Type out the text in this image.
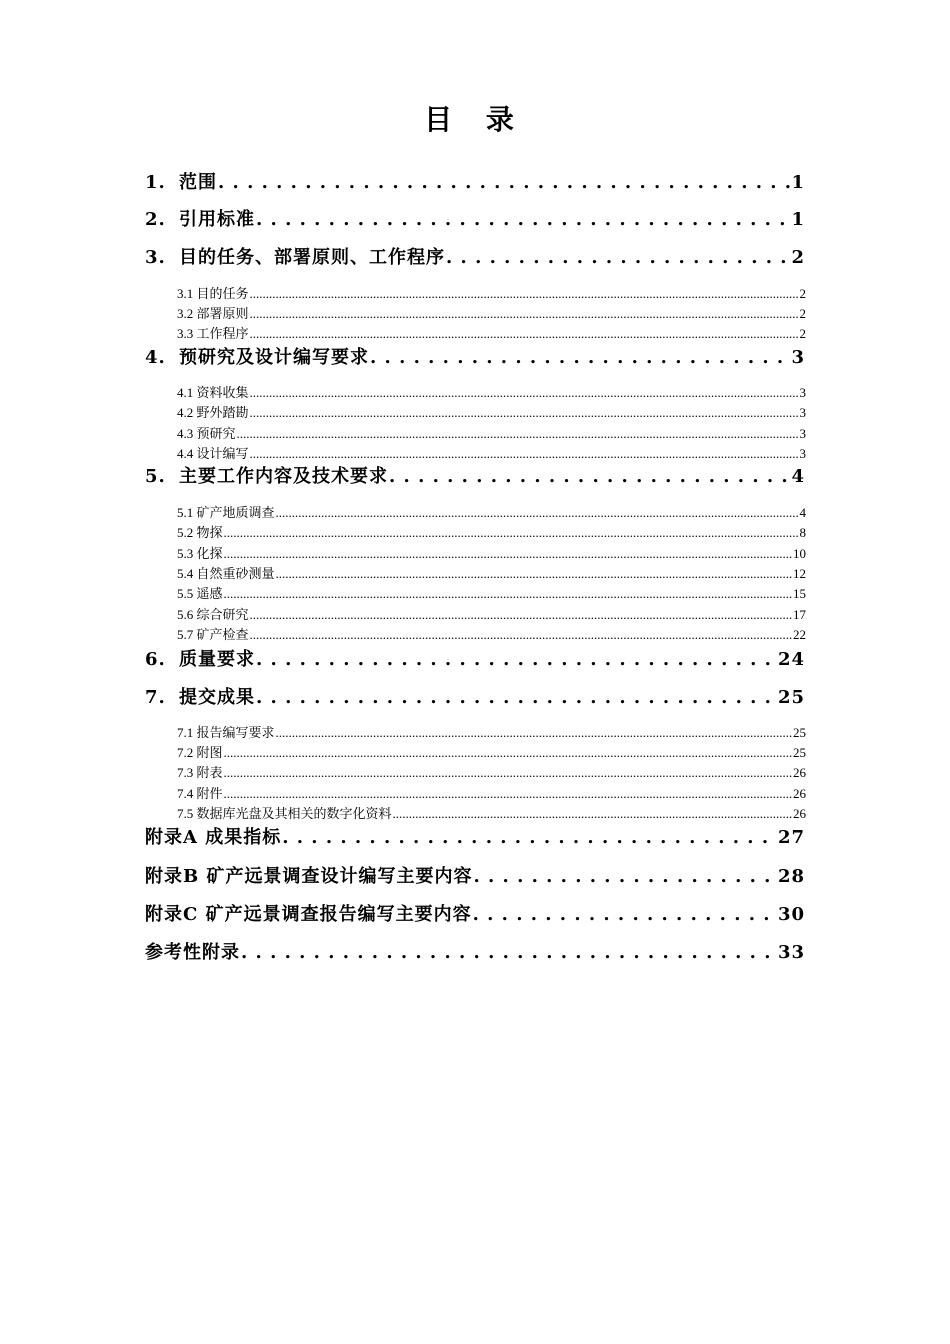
目 录
1. 范围 . . .	1
2. 引用标准 . . .	1
3. 目的任务、部署原则、工作程序 . . .	2
3.1 目的任务 .....	2
3.2 部署原则 .....	2
3.3 工作程序 .....	2
4. 预研究及设计编写要求 . . .	3
4.1 资料收集 .....	3
4.2 野外踏勘 .....	3
4.3 预研究 .....	3
4.4 设计编写 .....	3
5. 主要工作内容及技术要求 . . .	4
5.1 矿产地质调查 .....	4
5.2 物探 .....	8
5.3 化探 .....	10
5.4 自然重砂测量 .....	12
5.5 遥感 .....	15
5.6 综合研究 .....	17
5.7 矿产检查 .....	22
6. 质量要求 . . .	24
7. 提交成果 . . .	25
7.1 报告编写要求 .....	25
7.2 附图 .....	25
7.3 附表 .....	26
7.4 附件 .....	26
7.5 数据库光盘及其相关的数字化资料 .....	26
附录A 成果指标 . . .	27
附录B 矿产远景调查设计编写主要内容 . . .	28
附录C 矿产远景调查报告编写主要内容 . . .	30
参考性附录 . . .	33
